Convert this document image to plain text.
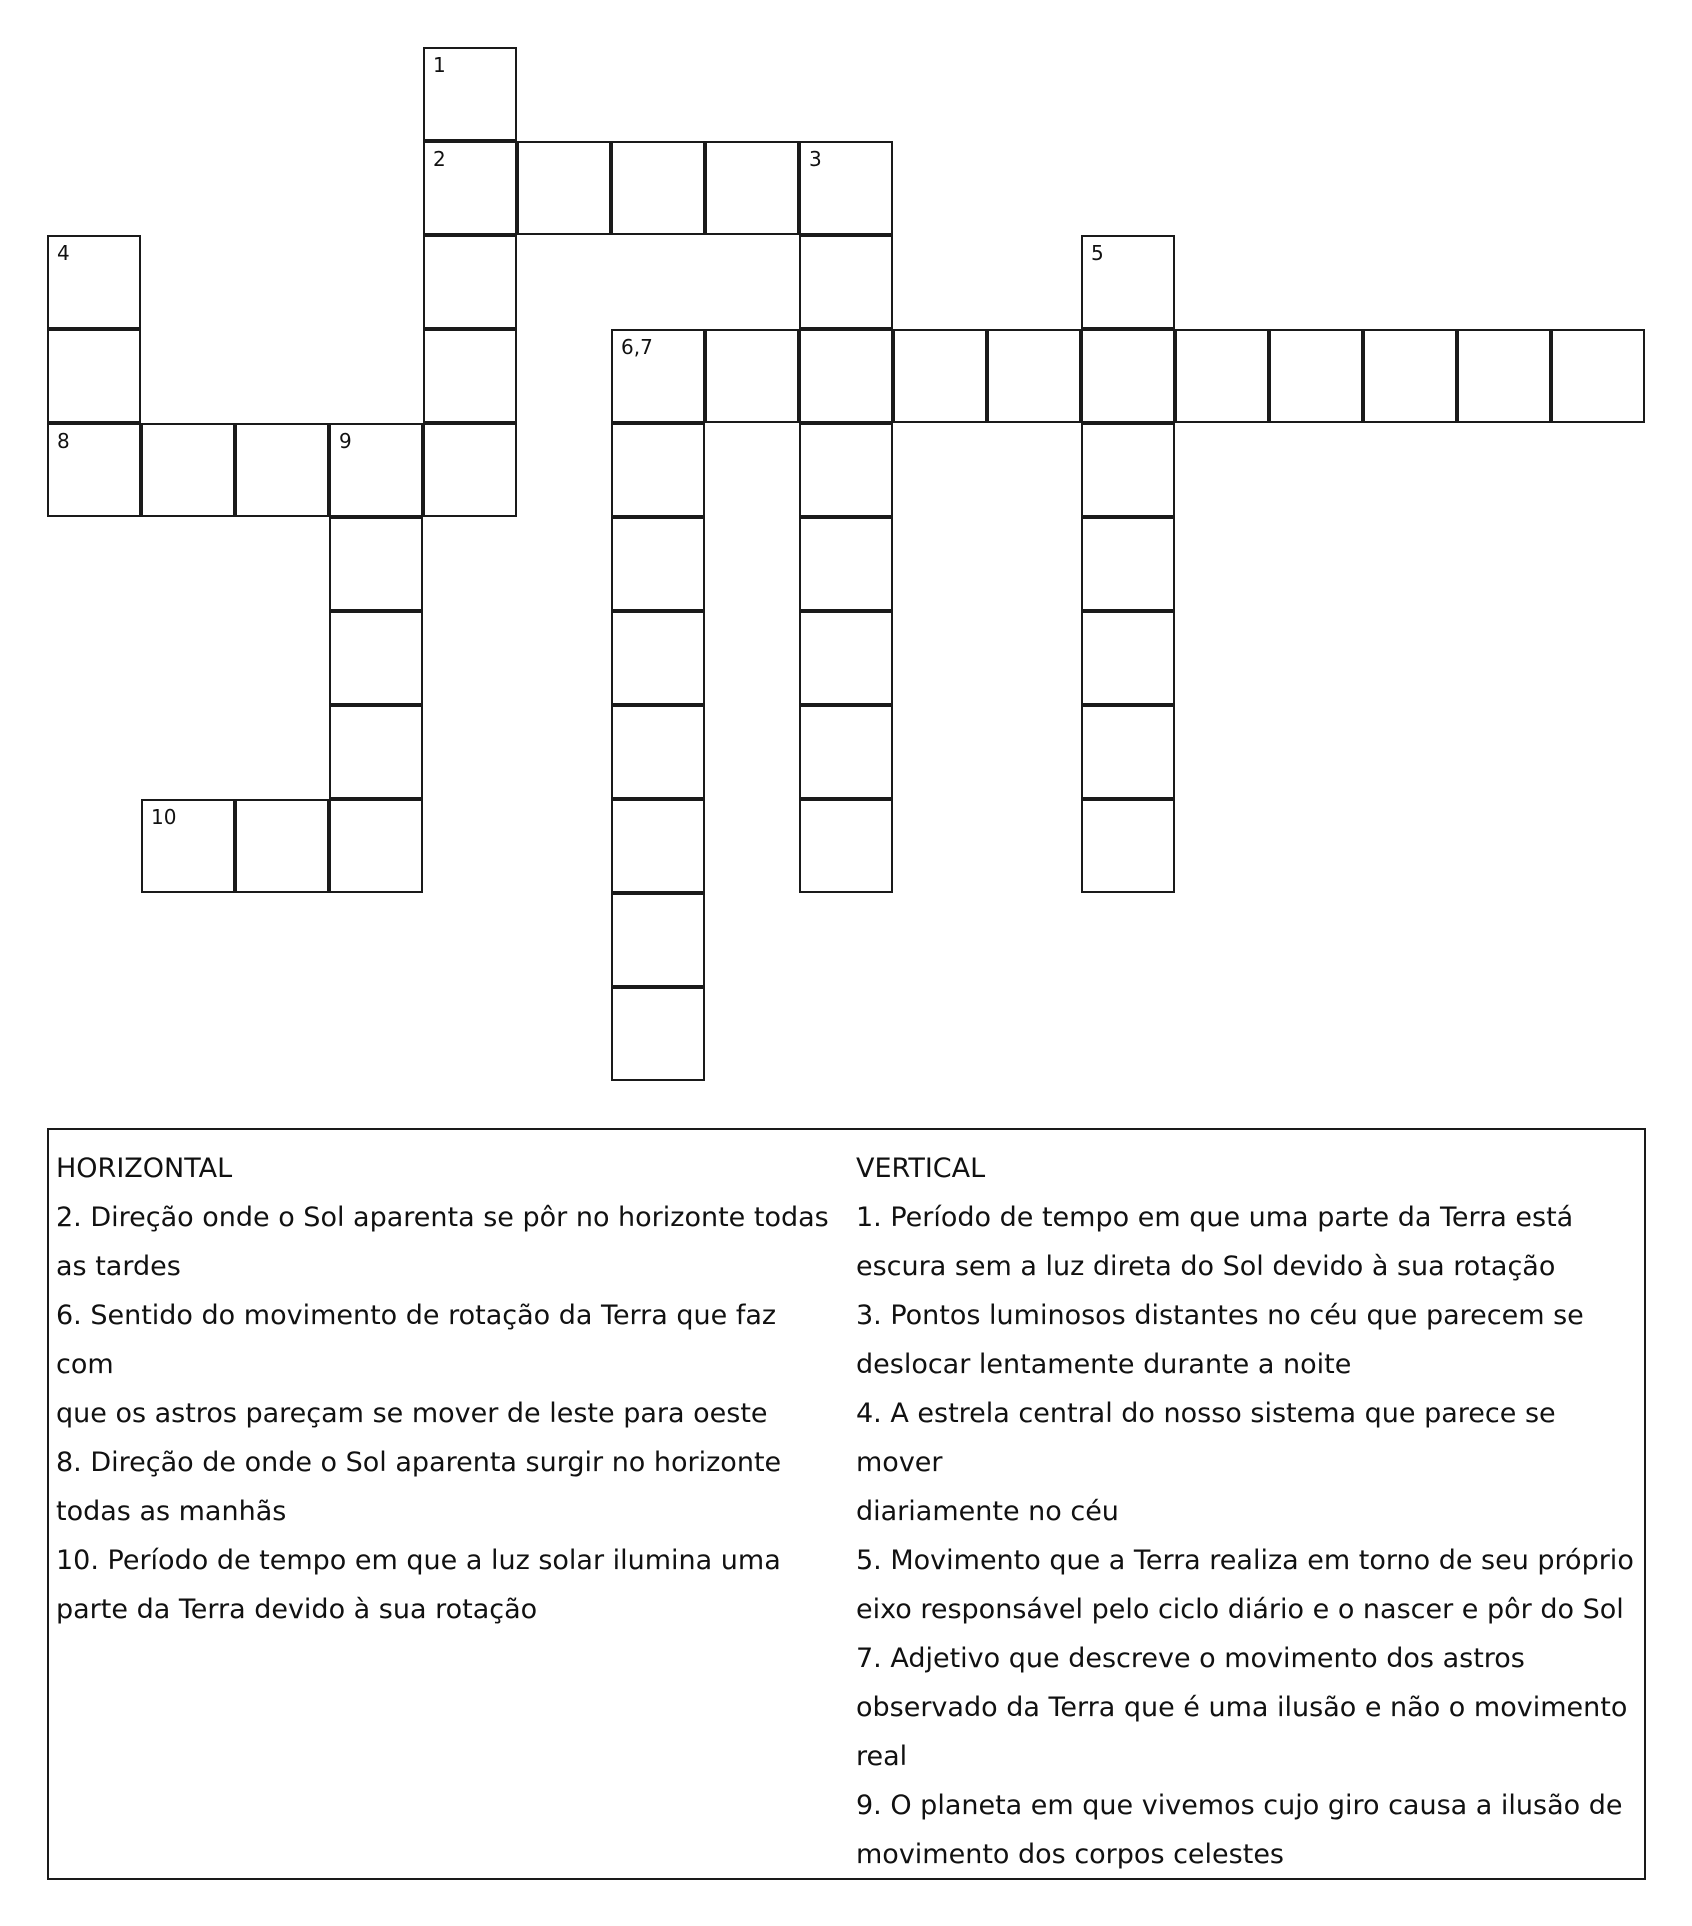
1
2	3
4	5
6,7
8	9
10
HORIZONTAL
2. Direção onde o Sol aparenta se pôr no horizonte todas
as tardes
6. Sentido do movimento de rotação da Terra que faz com
que os astros pareçam se mover de leste para oeste
8. Direção de onde o Sol aparenta surgir no horizonte
todas as manhãs
10. Período de tempo em que a luz solar ilumina uma
parte da Terra devido à sua rotação
VERTICAL
1. Período de tempo em que uma parte da Terra está
escura sem a luz direta do Sol devido à sua rotação
3. Pontos luminosos distantes no céu que parecem se
deslocar lentamente durante a noite
4. A estrela central do nosso sistema que parece se mover
diariamente no céu
5. Movimento que a Terra realiza em torno de seu próprio
eixo responsável pelo ciclo diário e o nascer e pôr do Sol
7. Adjetivo que descreve o movimento dos astros
observado da Terra que é uma ilusão e não o movimento
real
9. O planeta em que vivemos cujo giro causa a ilusão de
movimento dos corpos celestes
